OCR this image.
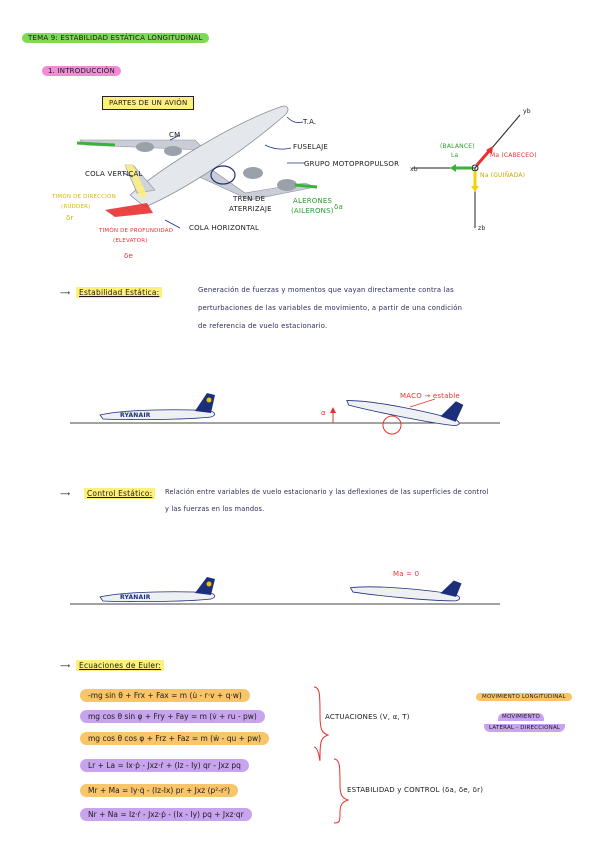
TEMA 9: ESTABILIDAD ESTÁTICA LONGITUDINAL
1. INTRODUCCIÓN
PARTES DE UN AVIÓN
CM
T.A.
FUSELAJE
GRUPO MOTOPROPULSOR
COLA VERTICAL
TREN DE
ATERRIZAJE
ALERONES
(AILERONS) δa
TIMÓN DE DIRECCIÓN
(RUDDER)
δr
TIMÓN DE PROFUNDIDAD
(ELEVATOR)
δe
COLA HORIZONTAL
(BALANCE)
La	Ma (CABECEO)
Na (GUIÑADA)
xb
yb
zb
⟶	Estabilidad Estática:	Generación de fuerzas y momentos que vayan directamente contra las
perturbaciones de las variables de movimiento, a partir de una condición
de referencia de vuelo estacionario.
RYANAIR
MACO → estable
α
⟶	Control Estático:	Relación entre variables de vuelo estacionario y las deflexiones de las superficies de control
y las fuerzas en los mandos.
RYANAIR
Ma = 0
⟶	Ecuaciones de Euler:
-mg sin θ + Frx + Fax = m (u̇ - r·v + q·w)
mg cos θ sin φ + Fry + Fay = m (v̇ + ru - pw)
mg cos θ cos φ + Frz + Faz = m (ẇ - qu + pw)
Lr + La = Ix·ṗ - Jxz·ṙ + (Iz - Iy) qr - Jxz pq
Mr + Ma = Iy·q̇ - (Iz-Ix) pr + Jxz (p²-r²)
Nr + Na = Iz·ṙ - Jxz·ṗ - (Ix - Iy) pq + Jxz·qr
ACTUACIONES (V, α, T)
ESTABILIDAD y CONTROL (δa, δe, δr)
MOVIMIENTO LONGITUDINAL
MOVIMIENTO
LATERAL - DIRECCIONAL
